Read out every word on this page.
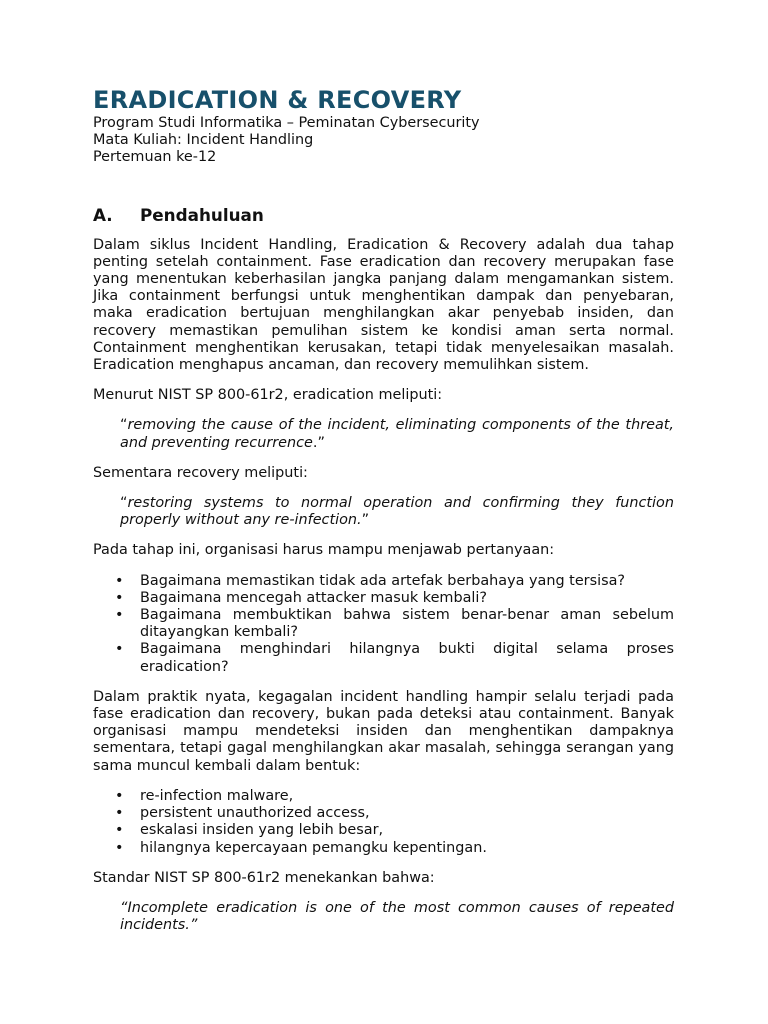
ERADICATION & RECOVERY
Program Studi Informatika – Peminatan Cybersecurity
Mata Kuliah: Incident Handling
Pertemuan ke-12
A.	Pendahuluan

Dalam siklus Incident Handling, Eradication & Recovery adalah dua tahap penting setelah containment. Fase eradication dan recovery merupakan fase yang menentukan keberhasilan jangka panjang dalam mengamankan sistem. Jika containment berfungsi untuk menghentikan dampak dan penyebaran, maka eradication bertujuan menghilangkan akar penyebab insiden, dan recovery memastikan pemulihan sistem ke kondisi aman serta normal. Containment menghentikan kerusakan, tetapi tidak menyelesaikan masalah. Eradication menghapus ancaman, dan recovery memulihkan sistem.

Menurut NIST SP 800-61r2, eradication meliputi:

“removing the cause of the incident, eliminating components of the threat, and preventing recurrence.”

Sementara recovery meliputi:

“restoring systems to normal operation and confirming they function properly without any re-infection.”

Pada tahap ini, organisasi harus mampu menjawab pertanyaan:

• Bagaimana memastikan tidak ada artefak berbahaya yang tersisa?
• Bagaimana mencegah attacker masuk kembali?
• Bagaimana membuktikan bahwa sistem benar-benar aman sebelum ditayangkan kembali?
• Bagaimana menghindari hilangnya bukti digital selama proses eradication?

Dalam praktik nyata, kegagalan incident handling hampir selalu terjadi pada fase eradication dan recovery, bukan pada deteksi atau containment. Banyak organisasi mampu mendeteksi insiden dan menghentikan dampaknya sementara, tetapi gagal menghilangkan akar masalah, sehingga serangan yang sama muncul kembali dalam bentuk:

• re-infection malware,
• persistent unauthorized access,
• eskalasi insiden yang lebih besar,
• hilangnya kepercayaan pemangku kepentingan.

Standar NIST SP 800-61r2 menekankan bahwa:

“Incomplete eradication is one of the most common causes of repeated incidents.”
